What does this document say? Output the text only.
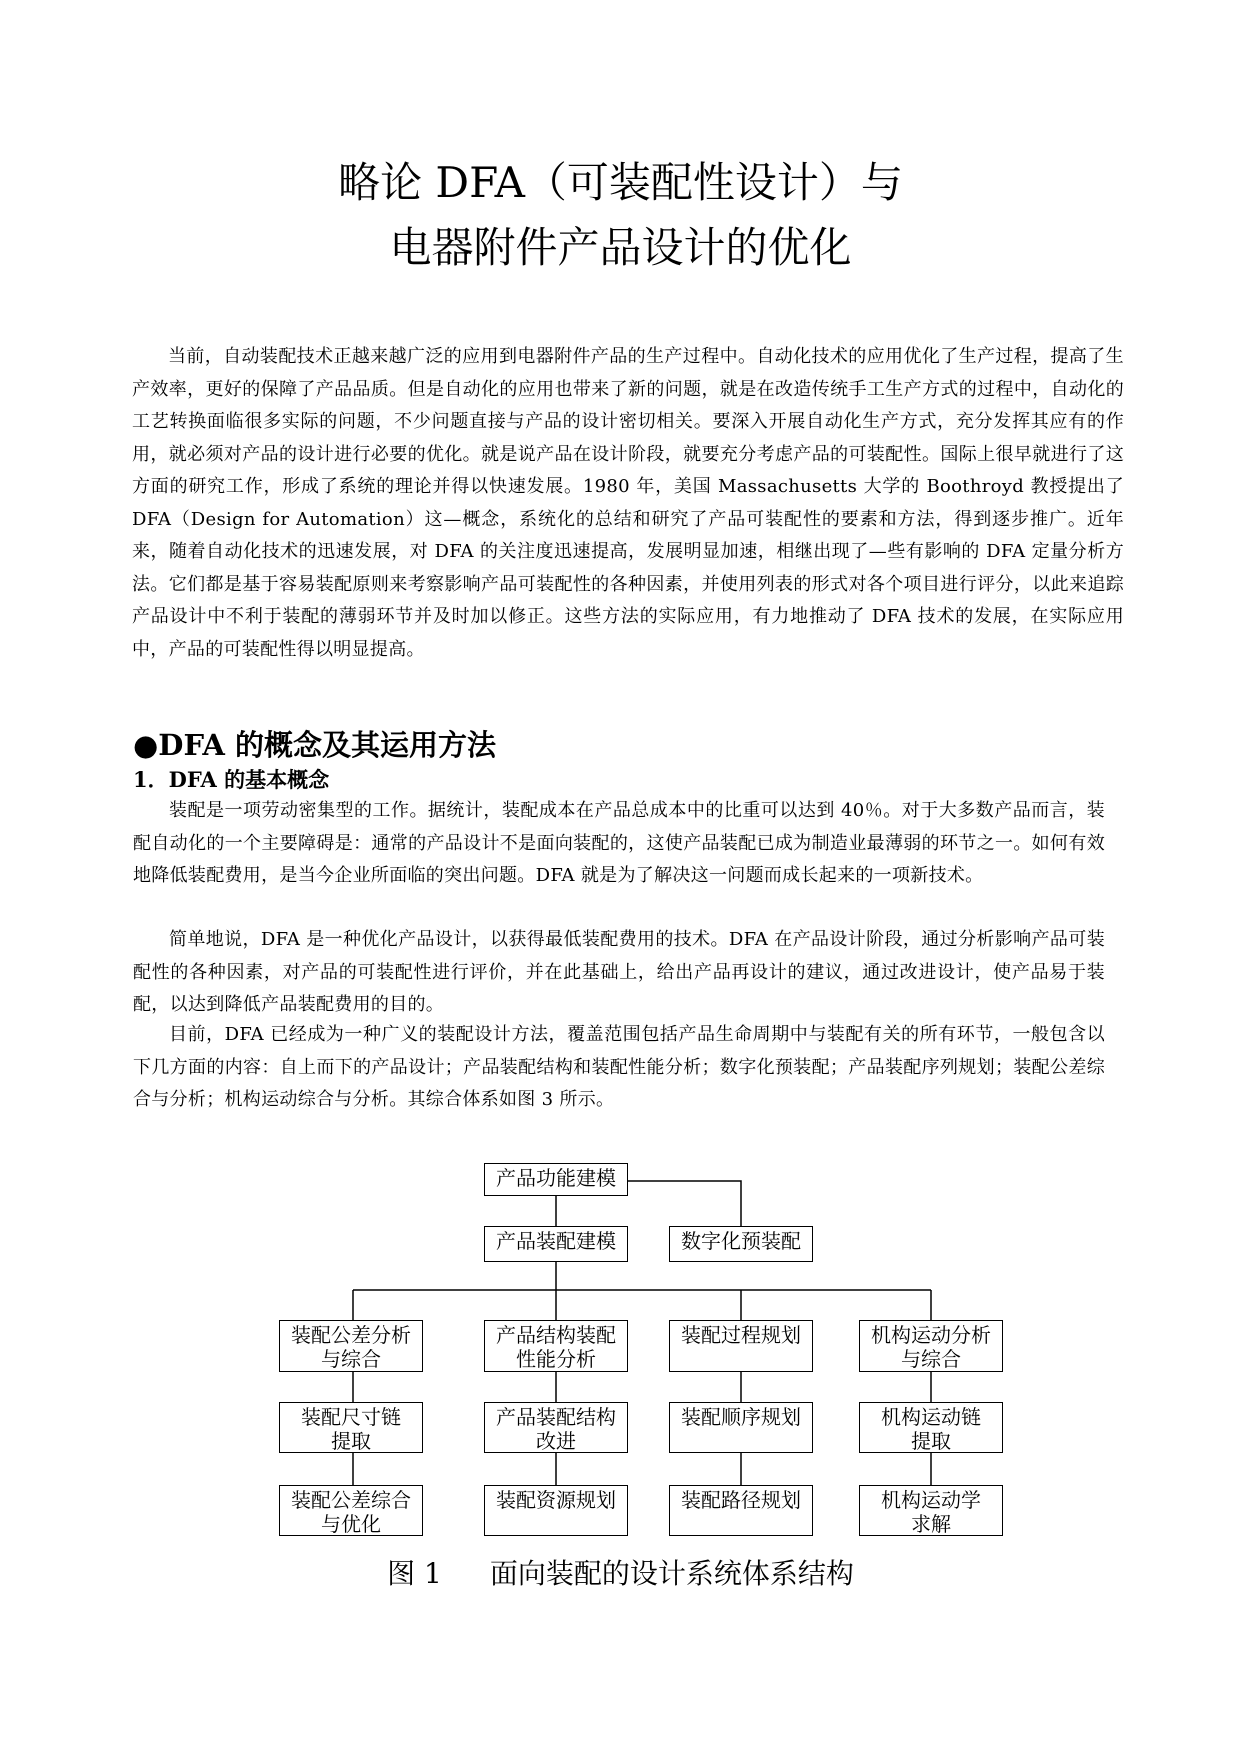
略论 DFA（可装配性设计）与
电器附件产品设计的优化

当前，自动装配技术正越来越广泛的应用到电器附件产品的生产过程中。自动化技术的应用优化了生产过程，提高了生产效率，更好的保障了产品品质。但是自动化的应用也带来了新的问题，就是在改造传统手工生产方式的过程中，自动化的工艺转换面临很多实际的问题，不少问题直接与产品的设计密切相关。要深入开展自动化生产方式，充分发挥其应有的作用，就必须对产品的设计进行必要的优化。就是说产品在设计阶段，就要充分考虑产品的可装配性。国际上很早就进行了这方面的研究工作，形成了系统的理论并得以快速发展。1980 年，美国 Massachusetts 大学的 Boothroyd 教授提出了 DFA（Design for Automation）这—概念，系统化的总结和研究了产品可装配性的要素和方法，得到逐步推广。近年来，随着自动化技术的迅速发展，对 DFA 的关注度迅速提高，发展明显加速，相继出现了—些有影响的 DFA 定量分析方法。它们都是基于容易装配原则来考察影响产品可装配性的各种因素，并使用列表的形式对各个项目进行评分，以此来追踪产品设计中不利于装配的薄弱环节并及时加以修正。这些方法的实际应用，有力地推动了 DFA 技术的发展，在实际应用中，产品的可装配性得以明显提高。

●DFA 的概念及其运用方法

1．DFA 的基本概念

装配是一项劳动密集型的工作。据统计，装配成本在产品总成本中的比重可以达到 40％。对于大多数产品而言，装配自动化的一个主要障碍是：通常的产品设计不是面向装配的，这使产品装配已成为制造业最薄弱的环节之一。如何有效地降低装配费用，是当今企业所面临的突出问题。DFA 就是为了解决这一问题而成长起来的一项新技术。

简单地说，DFA 是一种优化产品设计，以获得最低装配费用的技术。DFA 在产品设计阶段，通过分析影响产品可装配性的各种因素，对产品的可装配性进行评价，并在此基础上，给出产品再设计的建议，通过改进设计，使产品易于装配，以达到降低产品装配费用的目的。

目前，DFA 已经成为一种广义的装配设计方法，覆盖范围包括产品生命周期中与装配有关的所有环节，一般包含以下几方面的内容：自上而下的产品设计；产品装配结构和装配性能分析；数字化预装配；产品装配序列规划；装配公差综合与分析；机构运动综合与分析。其综合体系如图 3 所示。

产品功能建模
产品装配建模	数字化预装配
装配公差分析
与综合
装配尺寸链
提取
装配公差综合
与优化
产品结构装配
性能分析
产品装配结构
改进
装配资源规划
装配过程规划
装配顺序规划
装配路径规划
机构运动分析
与综合
机构运动链
提取
机构运动学
求解
图 1 面向装配的设计系统体系结构
